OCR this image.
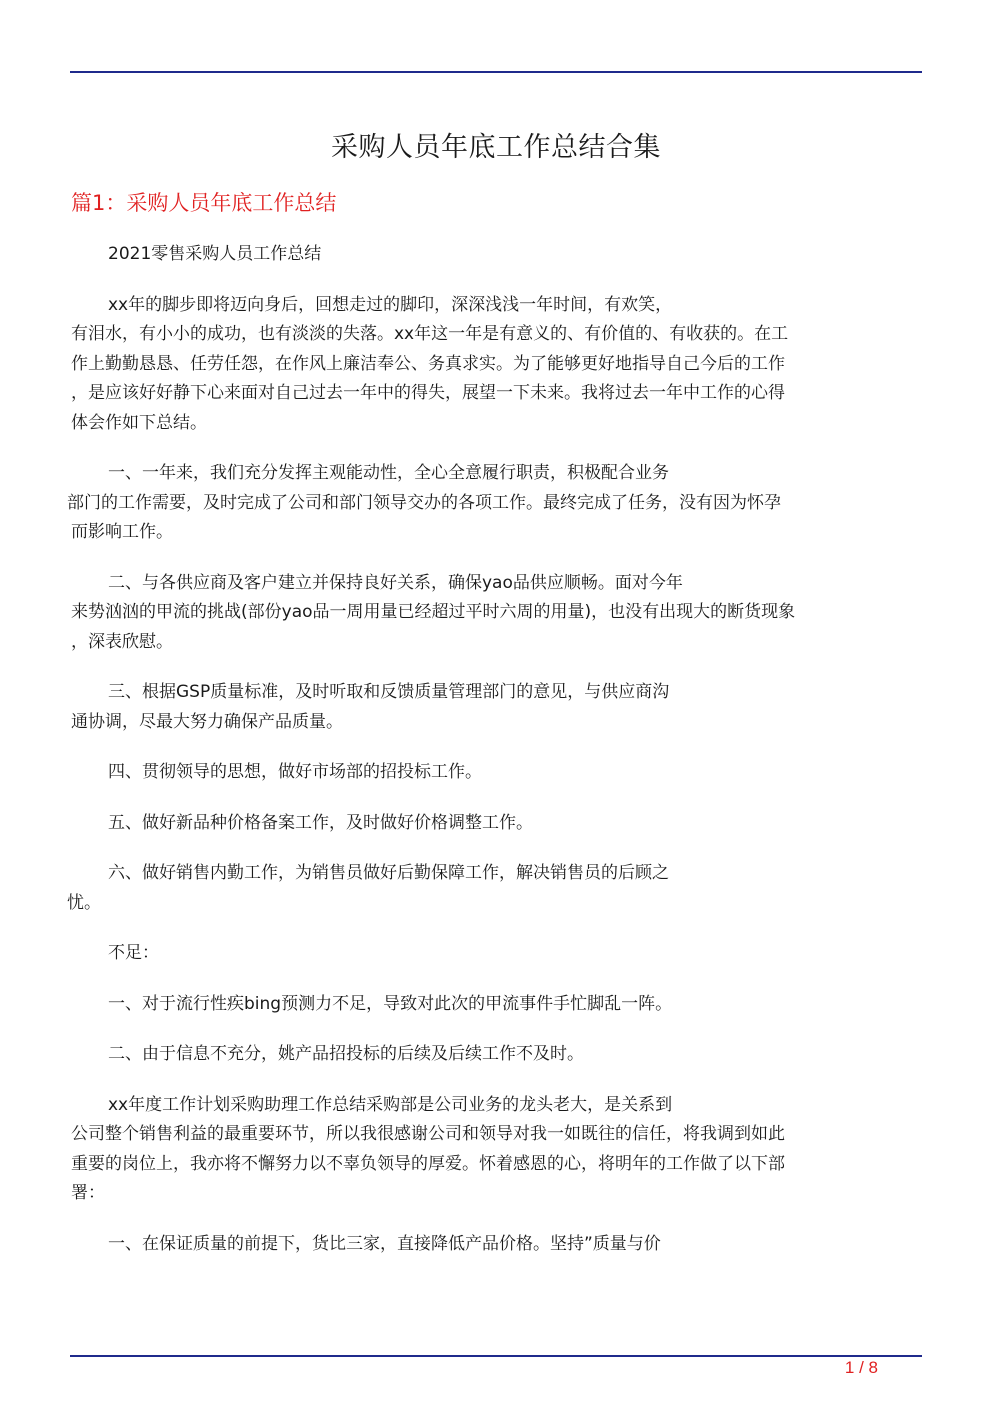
采购人员年底工作总结合集
篇1：采购人员年底工作总结
2021零售采购人员工作总结
xx年的脚步即将迈向身后，回想走过的脚印，深深浅浅一年时间，有欢笑，
有泪水，有小小的成功，也有淡淡的失落。xx年这一年是有意义的、有价值的、有收获的。在工
作上勤勤恳恳、任劳任怨，在作风上廉洁奉公、务真求实。为了能够更好地指导自己今后的工作
，是应该好好静下心来面对自己过去一年中的得失，展望一下未来。我将过去一年中工作的心得
体会作如下总结。
一、一年来，我们充分发挥主观能动性，全心全意履行职责，积极配合业务
部门的工作需要，及时完成了公司和部门领导交办的各项工作。最终完成了任务，没有因为怀孕
而影响工作。
二、与各供应商及客户建立并保持良好关系，确保yao品供应顺畅。面对今年
来势汹汹的甲流的挑战(部份yao品一周用量已经超过平时六周的用量)，也没有出现大的断货现象
，深表欣慰。
三、根据GSP质量标准，及时听取和反馈质量管理部门的意见，与供应商沟
通协调，尽最大努力确保产品质量。
四、贯彻领导的思想，做好市场部的招投标工作。
五、做好新品种价格备案工作，及时做好价格调整工作。
六、做好销售内勤工作，为销售员做好后勤保障工作，解决销售员的后顾之
忧。
不足：
一、对于流行性疾bing预测力不足，导致对此次的甲流事件手忙脚乱一阵。
二、由于信息不充分，姚产品招投标的后续及后续工作不及时。
xx年度工作计划采购助理工作总结采购部是公司业务的龙头老大，是关系到
公司整个销售利益的最重要环节，所以我很感谢公司和领导对我一如既往的信任，将我调到如此
重要的岗位上，我亦将不懈努力以不辜负领导的厚爱。怀着感恩的心，将明年的工作做了以下部
署：
一、在保证质量的前提下，货比三家，直接降低产品价格。坚持”质量与价
1 / 8
